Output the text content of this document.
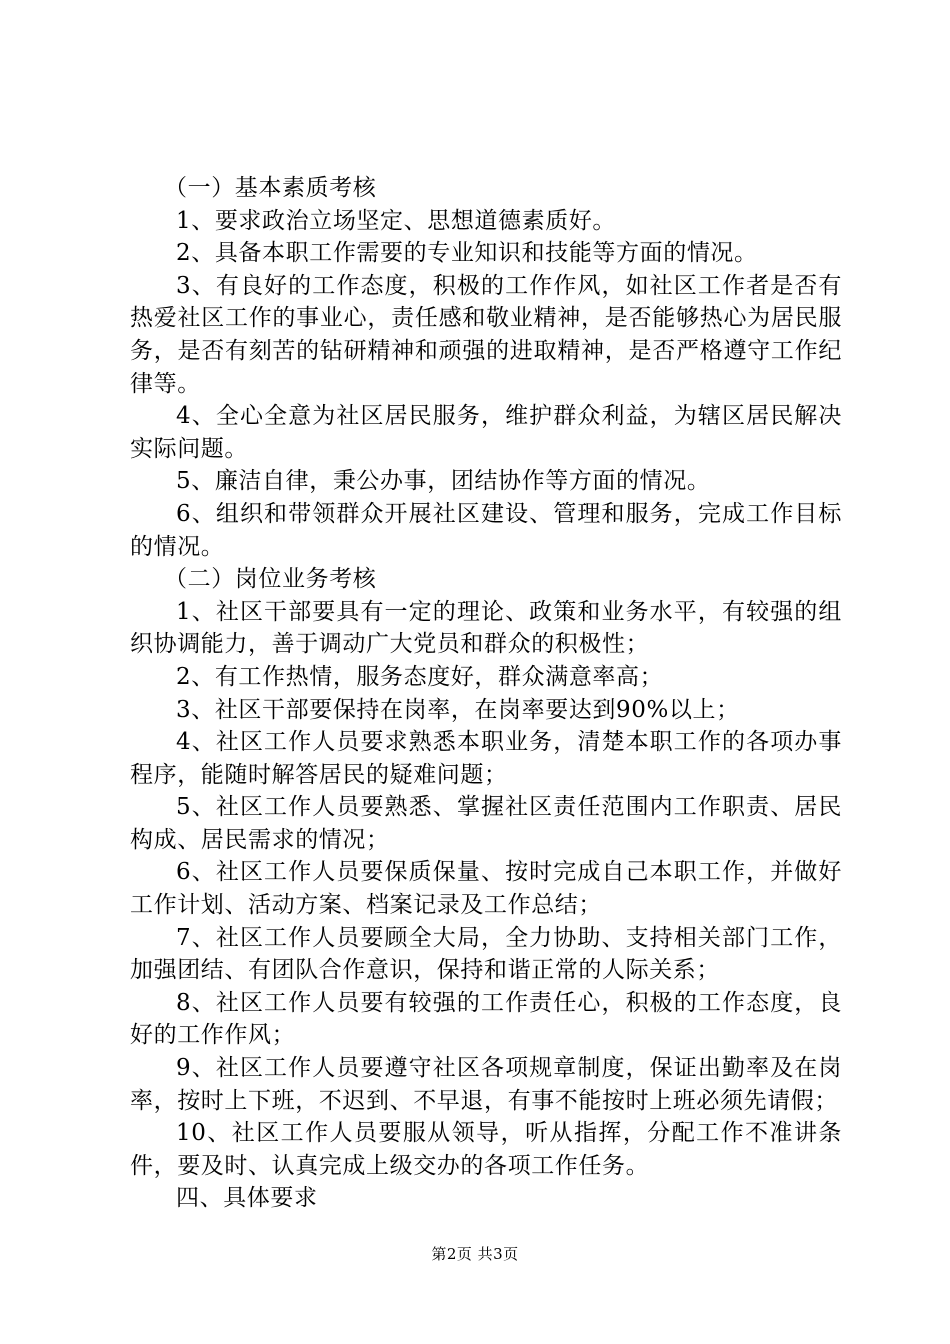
（一）基本素质考核

1、要求政治立场坚定、思想道德素质好。

2、具备本职工作需要的专业知识和技能等方面的情况。

3、有良好的工作态度，积极的工作作风，如社区工作者是否有热爱社区工作的事业心，责任感和敬业精神，是否能够热心为居民服务，是否有刻苦的钻研精神和顽强的进取精神，是否严格遵守工作纪律等。

4、全心全意为社区居民服务，维护群众利益，为辖区居民解决实际问题。

5、廉洁自律，秉公办事，团结协作等方面的情况。

6、组织和带领群众开展社区建设、管理和服务，完成工作目标的情况。

（二）岗位业务考核

1、社区干部要具有一定的理论、政策和业务水平，有较强的组织协调能力，善于调动广大党员和群众的积极性；

2、有工作热情，服务态度好，群众满意率高；

3、社区干部要保持在岗率，在岗率要达到90%以上；

4、社区工作人员要求熟悉本职业务，清楚本职工作的各项办事程序，能随时解答居民的疑难问题；

5、社区工作人员要熟悉、掌握社区责任范围内工作职责、居民构成、居民需求的情况；

6、社区工作人员要保质保量、按时完成自己本职工作，并做好工作计划、活动方案、档案记录及工作总结；

7、社区工作人员要顾全大局，全力协助、支持相关部门工作，加强团结、有团队合作意识，保持和谐正常的人际关系；

8、社区工作人员要有较强的工作责任心，积极的工作态度，良好的工作作风；

9、社区工作人员要遵守社区各项规章制度，保证出勤率及在岗率，按时上下班，不迟到、不早退，有事不能按时上班必须先请假；

10、社区工作人员要服从领导，听从指挥，分配工作不准讲条件，要及时、认真完成上级交办的各项工作任务。

四、具体要求

第2页 共3页
